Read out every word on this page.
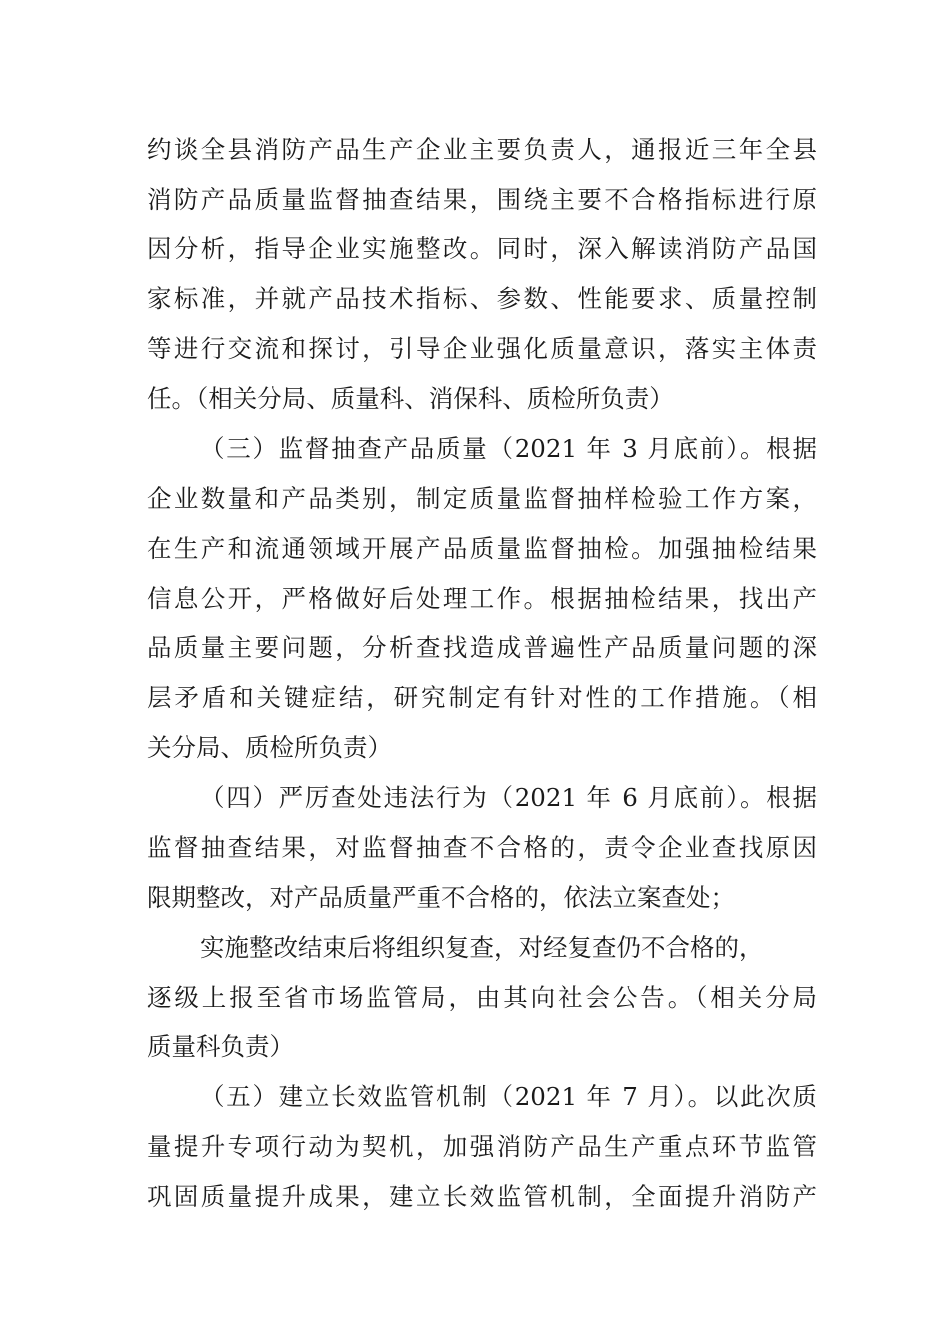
约谈全县消防产品生产企业主要负责人，通报近三年全县
消防产品质量监督抽查结果，围绕主要不合格指标进行原
因分析，指导企业实施整改。同时，深入解读消防产品国
家标准，并就产品技术指标、参数、性能要求、质量控制
等进行交流和探讨，引导企业强化质量意识，落实主体责
任。（相关分局、质量科、消保科、质检所负责）
（三）监督抽查产品质量（2021 年 3 月底前）。根据
企业数量和产品类别，制定质量监督抽样检验工作方案，
在生产和流通领域开展产品质量监督抽检。加强抽检结果
信息公开，严格做好后处理工作。根据抽检结果，找出产
品质量主要问题，分析查找造成普遍性产品质量问题的深
层矛盾和关键症结，研究制定有针对性的工作措施。（相
关分局、质检所负责）
（四）严厉查处违法行为（2021 年 6 月底前）。根据
监督抽查结果，对监督抽查不合格的，责令企业查找原因
限期整改，对产品质量严重不合格的，依法立案查处；
实施整改结束后将组织复查，对经复查仍不合格的，
逐级上报至省市场监管局，由其向社会公告。（相关分局
质量科负责）
（五）建立长效监管机制（2021 年 7 月）。以此次质
量提升专项行动为契机，加强消防产品生产重点环节监管
巩固质量提升成果，建立长效监管机制，全面提升消防产
